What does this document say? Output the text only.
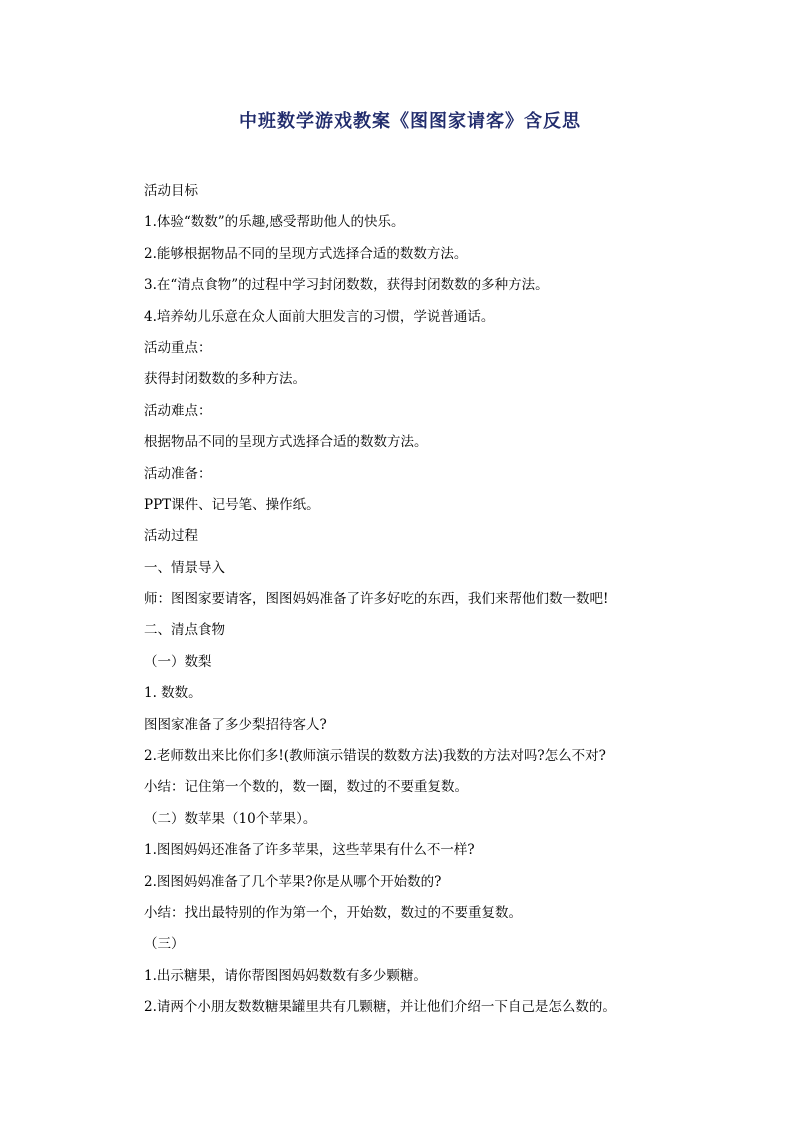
中班数学游戏教案《图图家请客》含反思
活动目标
1.体验“数数”的乐趣,感受帮助他人的快乐。
2.能够根据物品不同的呈现方式选择合适的数数方法。
3.在“清点食物”的过程中学习封闭数数，获得封闭数数的多种方法。
4.培养幼儿乐意在众人面前大胆发言的习惯，学说普通话。
活动重点：
获得封闭数数的多种方法。
活动难点：
根据物品不同的呈现方式选择合适的数数方法。
活动准备：
PPT课件、记号笔、操作纸。
活动过程
一、情景导入
师：图图家要请客，图图妈妈准备了许多好吃的东西，我们来帮他们数一数吧!
二、清点食物
（一）数梨
1. 数数。
图图家准备了多少梨招待客人?
2.老师数出来比你们多!(教师演示错误的数数方法)我数的方法对吗?怎么不对?
小结：记住第一个数的，数一圈，数过的不要重复数。
（二）数苹果（10个苹果）。
1.图图妈妈还准备了许多苹果，这些苹果有什么不一样?
2.图图妈妈准备了几个苹果?你是从哪个开始数的?
小结：找出最特别的作为第一个，开始数，数过的不要重复数。
（三）
1.出示糖果，请你帮图图妈妈数数有多少颗糖。
2.请两个小朋友数数糖果罐里共有几颗糖，并让他们介绍一下自己是怎么数的。
